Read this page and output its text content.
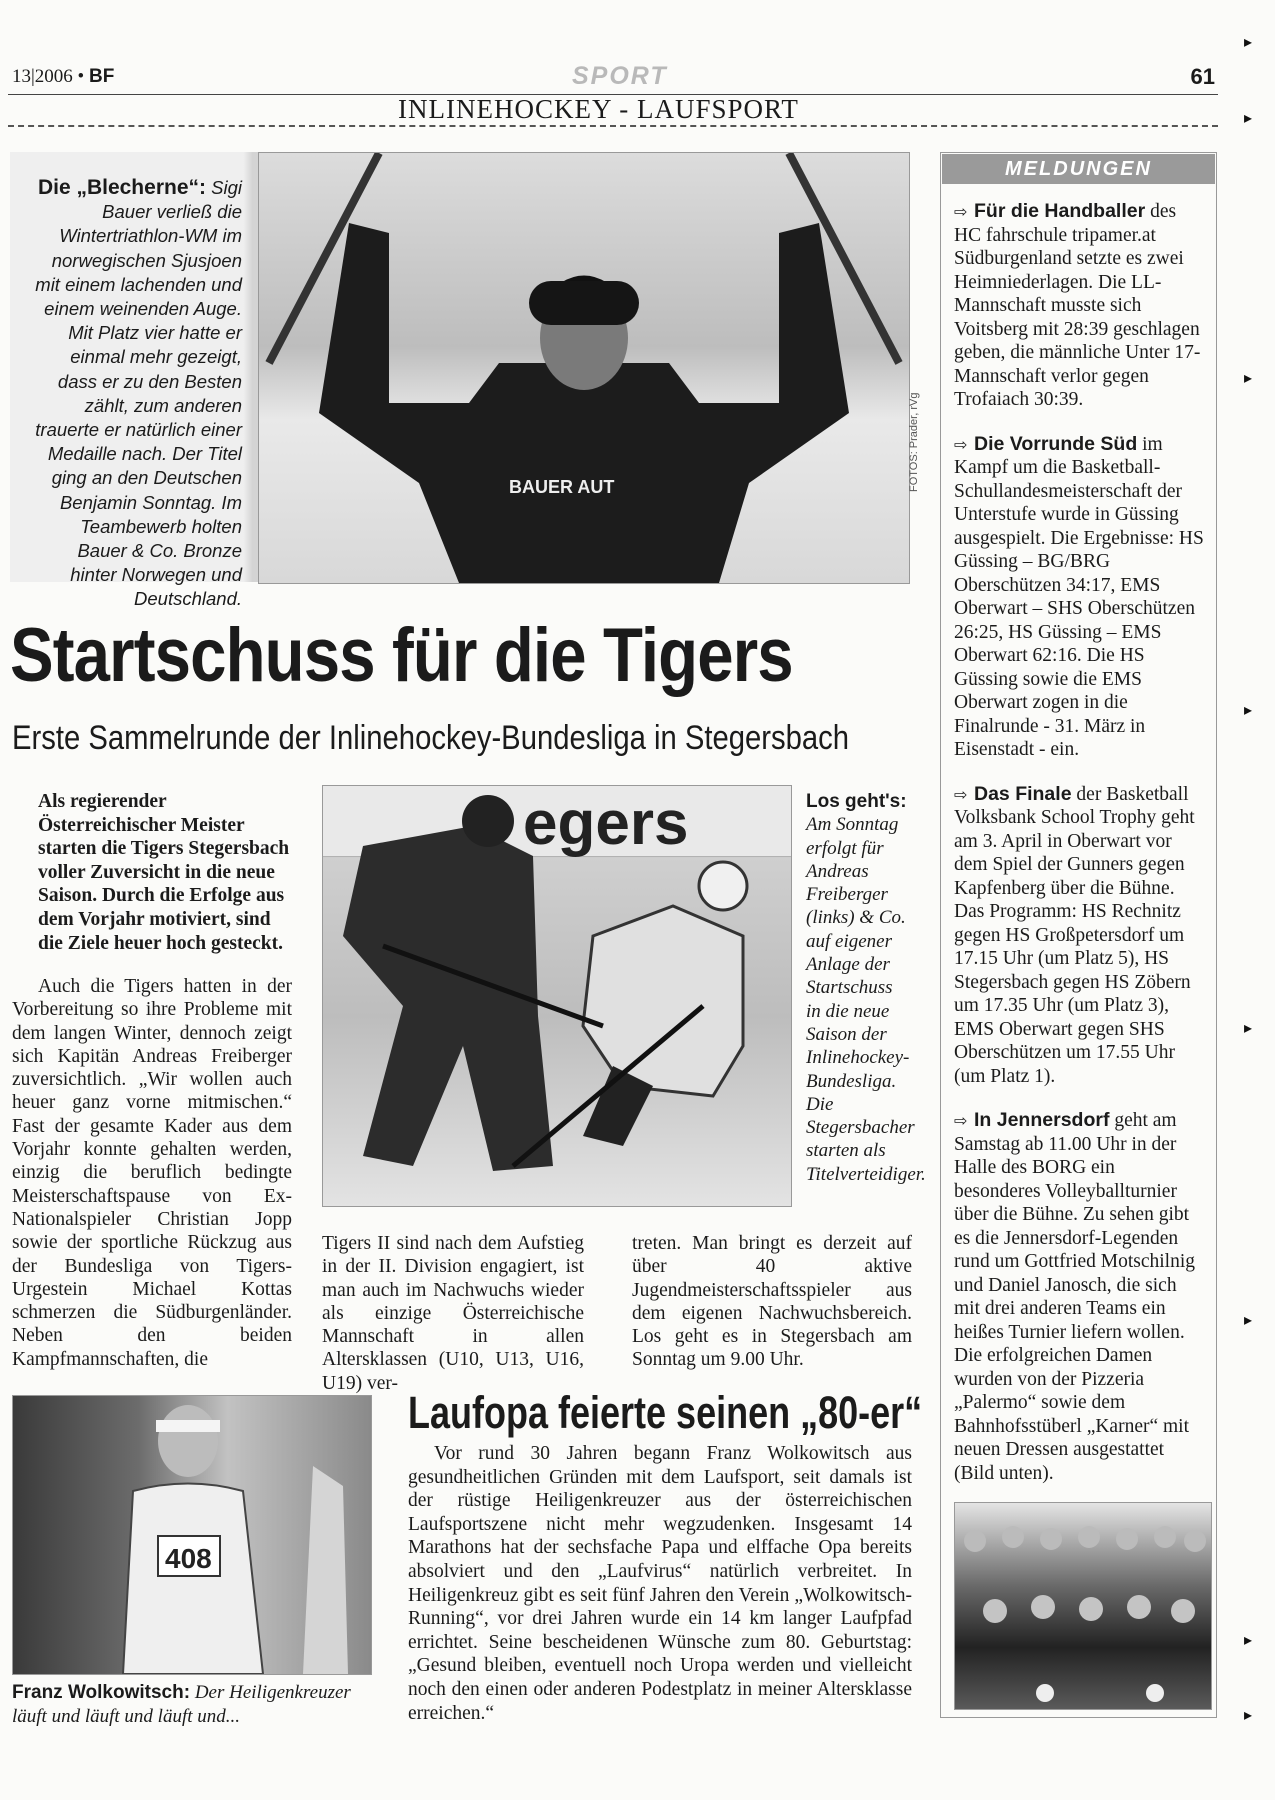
13|2006 • BF	SPORT	61
INLINEHOCKEY - LAUFSPORT
BAUER AUT
Die „Blecherne“: Sigi Bauer verließ die Wintertriathlon-WM im norwegischen Sjusjoen mit einem lachenden und einem weinenden Auge. Mit Platz vier hatte er einmal mehr gezeigt, dass er zu den Besten zählt, zum anderen trauerte er natürlich einer Medaille nach. Der Titel ging an den Deutschen Benjamin Sonntag. Im Teambewerb holten Bauer & Co. Bronze hinter Norwegen und Deutschland.
FOTOS: Prader, rVg
Startschuss für die Tigers
Erste Sammelrunde der Inlinehockey-Bundesliga in Stegersbach
Als regierender Österreichischer Meister starten die Tigers Stegersbach voller Zuversicht in die neue Saison. Durch die Erfolge aus dem Vorjahr motiviert, sind die Ziele heuer hoch gesteckt.
Auch die Tigers hatten in der Vorbereitung so ihre Probleme mit dem langen Winter, dennoch zeigt sich Kapitän Andreas Freiberger zuversichtlich. „Wir wollen auch heuer ganz vorne mitmischen.“ Fast der gesamte Kader aus dem Vorjahr konnte gehalten werden, einzig die beruflich bedingte Meisterschaftspause von Ex-Nationalspieler Christian Jopp sowie der sportliche Rückzug aus der Bundesliga von Tigers-Urgestein Michael Kottas schmerzen die Südburgenländer. Neben den beiden Kampfmannschaften, die
egers	Los geht's: Am Sonntag erfolgt für Andreas Freiberger (links) & Co. auf eigener Anlage der Startschuss in die neue Saison der Inlinehockey-Bundesliga. Die Stegersbacher starten als Titelverteidiger.
Tigers II sind nach dem Aufstieg in der II. Division engagiert, ist man auch im Nachwuchs wieder als einzige Österreichische Mannschaft in allen Altersklassen (U10, U13, U16, U19) ver-
treten. Man bringt es derzeit auf über 40 aktive Jugendmeisterschaftsspieler aus dem eigenen Nachwuchsbereich. Los geht es in Stegersbach am Sonntag um 9.00 Uhr.
408
Franz Wolkowitsch: Der Heiligenkreuzer läuft und läuft und läuft und...
Laufopa feierte seinen „80-er“
Vor rund 30 Jahren begann Franz Wolkowitsch aus gesundheitlichen Gründen mit dem Laufsport, seit damals ist der rüstige Heiligenkreuzer aus der österreichischen Laufsportszene nicht mehr wegzudenken. Insgesamt 14 Marathons hat der sechsfache Papa und elffache Opa bereits absolviert und den „Laufvirus“ natürlich verbreitet. In Heiligenkreuz gibt es seit fünf Jahren den Verein „Wolkowitsch-Running“, vor drei Jahren wurde ein 14 km langer Laufpfad errichtet. Seine bescheidenen Wünsche zum 80. Geburtstag: „Gesund bleiben, eventuell noch Uropa werden und vielleicht noch den einen oder anderen Podestplatz in meiner Altersklasse erreichen.“
MELDUNGEN

⇨ Für die Handballer des HC fahrschule tripamer.at Südburgenland setzte es zwei Heimniederlagen. Die LL-Mannschaft musste sich Voitsberg mit 28:39 geschlagen geben, die männliche Unter 17-Mannschaft verlor gegen Trofaiach 30:39.

⇨ Die Vorrunde Süd im Kampf um die Basketball-Schullandesmeisterschaft der Unterstufe wurde in Güssing ausgespielt. Die Ergebnisse: HS Güssing – BG/BRG Oberschützen 34:17, EMS Oberwart – SHS Oberschützen 26:25, HS Güssing – EMS Oberwart 62:16. Die HS Güssing sowie die EMS Oberwart zogen in die Finalrunde - 31. März in Eisenstadt - ein.

⇨ Das Finale der Basketball Volksbank School Trophy geht am 3. April in Oberwart vor dem Spiel der Gunners gegen Kapfenberg über die Bühne. Das Programm: HS Rechnitz gegen HS Großpetersdorf um 17.15 Uhr (um Platz 5), HS Stegersbach gegen HS Zöbern um 17.35 Uhr (um Platz 3), EMS Oberwart gegen SHS Oberschützen um 17.55 Uhr (um Platz 1).

⇨ In Jennersdorf geht am Samstag ab 11.00 Uhr in der Halle des BORG ein besonderes Volleyballturnier über die Bühne. Zu sehen gibt es die Jennersdorf-Legenden rund um Gottfried Motschilnig und Daniel Janosch, die sich mit drei anderen Teams ein heißes Turnier liefern wollen. Die erfolgreichen Damen wurden von der Pizzeria „Palermo“ sowie dem Bahnhofsstüberl „Karner“ mit neuen Dressen ausgestattet (Bild unten).

▸
▸
▸
▸
▸
▸
▸
▸
